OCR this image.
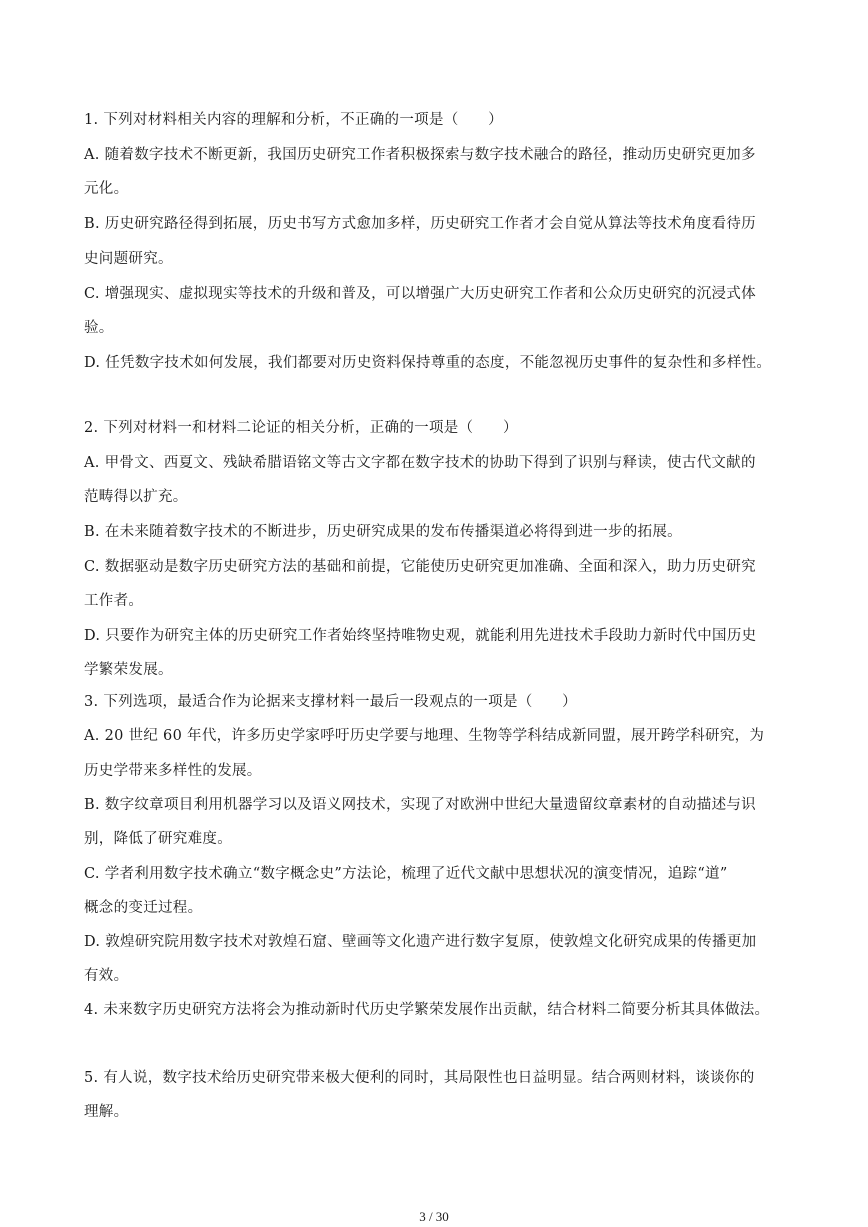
1. 下列对材料相关内容的理解和分析，不正确的一项是（　　）
A. 随着数字技术不断更新，我国历史研究工作者积极探索与数字技术融合的路径，推动历史研究更加多
元化。
B. 历史研究路径得到拓展，历史书写方式愈加多样，历史研究工作者才会自觉从算法等技术角度看待历
史问题研究。
C. 增强现实、虚拟现实等技术的升级和普及，可以增强广大历史研究工作者和公众历史研究的沉浸式体
验。
D. 任凭数字技术如何发展，我们都要对历史资料保持尊重的态度，不能忽视历史事件的复杂性和多样性。
2. 下列对材料一和材料二论证的相关分析，正确的一项是（　　）
A. 甲骨文、西夏文、残缺希腊语铭文等古文字都在数字技术的协助下得到了识别与释读，使古代文献的
范畴得以扩充。
B. 在未来随着数字技术的不断进步，历史研究成果的发布传播渠道必将得到进一步的拓展。
C. 数据驱动是数字历史研究方法的基础和前提，它能使历史研究更加准确、全面和深入，助力历史研究
工作者。
D. 只要作为研究主体的历史研究工作者始终坚持唯物史观，就能利用先进技术手段助力新时代中国历史
学繁荣发展。
3. 下列选项，最适合作为论据来支撑材料一最后一段观点的一项是（　　）
A. 20 世纪 60 年代，许多历史学家呼吁历史学要与地理、生物等学科结成新同盟，展开跨学科研究，为
历史学带来多样性的发展。
B. 数字纹章项目利用机器学习以及语义网技术，实现了对欧洲中世纪大量遗留纹章素材的自动描述与识
别，降低了研究难度。
C. 学者利用数字技术确立“数字概念史”方法论，梳理了近代文献中思想状况的演变情况，追踪“道”
概念的变迁过程。
D. 敦煌研究院用数字技术对敦煌石窟、壁画等文化遗产进行数字复原，使敦煌文化研究成果的传播更加
有效。
4. 未来数字历史研究方法将会为推动新时代历史学繁荣发展作出贡献，结合材料二简要分析其具体做法。
5. 有人说，数字技术给历史研究带来极大便利的同时，其局限性也日益明显。结合两则材料，谈谈你的
理解。
3 / 30
